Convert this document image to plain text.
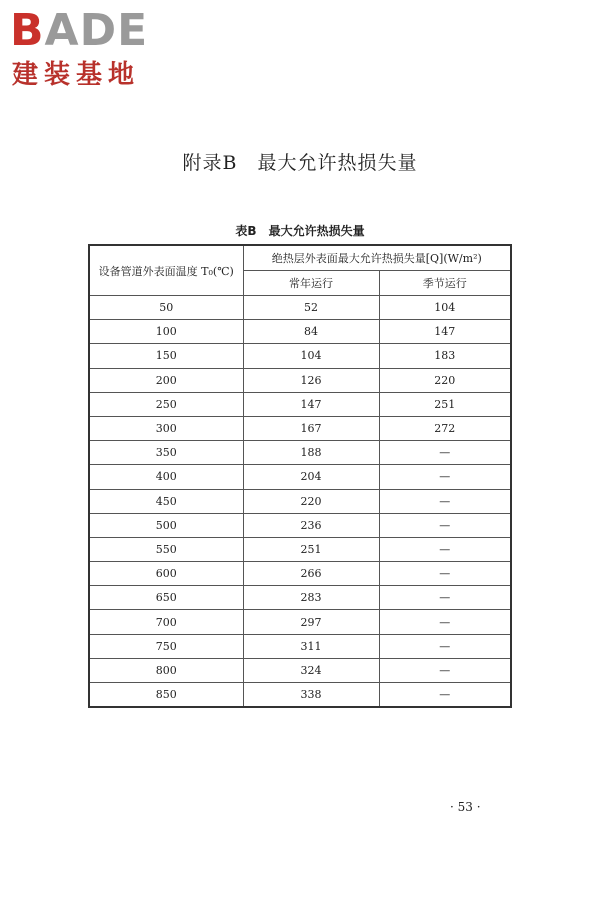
BADE
建装基地
附录B　最大允许热损失量
表B　最大允许热损失量
设备管道外表面温度 T₀(℃)	绝热层外表面最大允许热损失量[Q](W/m²)	
	常年运行	季节运行
50	52	104
100	84	147
150	104	183
200	126	220
250	147	251
300	167	272
350	188	—
400	204	—
450	220	—
500	236	—
550	251	—
600	266	—
650	283	—
700	297	—
750	311	—
800	324	—
850	338	—
· 53 ·
